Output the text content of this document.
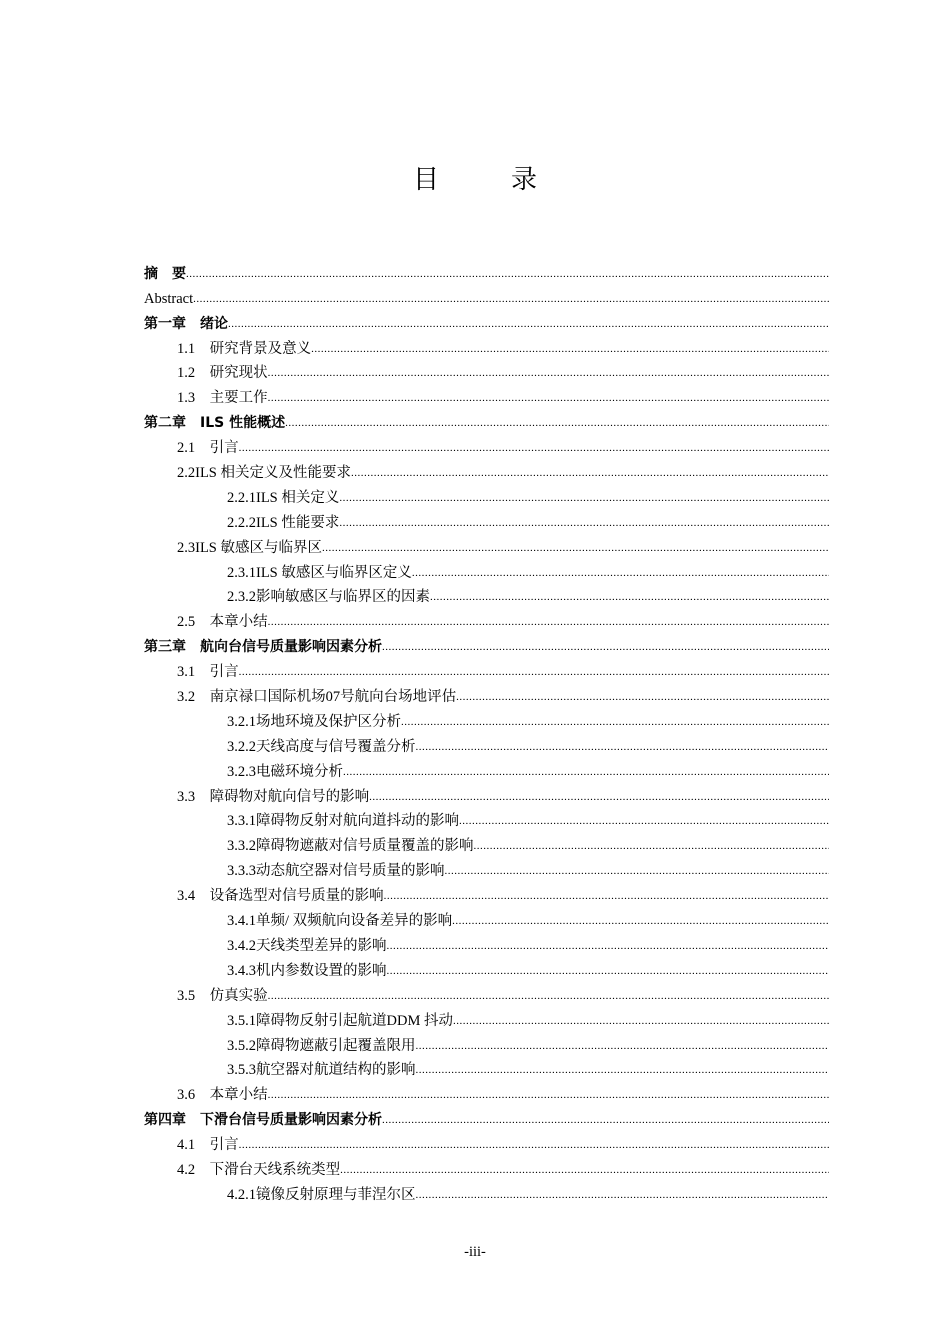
目录
摘　要
.....
Abstract
.....
第一章　绪论
.....
1.1　研究背景及意义
.....
1.2　研究现状
.....
1.3　主要工作
.....
第二章　ILS 性能概述
.....
2.1　引言
.....
2.2ILS 相关定义及性能要求
.....
2.2.1ILS 相关定义
.....
2.2.2ILS 性能要求
.....
2.3ILS 敏感区与临界区
.....
2.3.1ILS 敏感区与临界区定义
.....
2.3.2影响敏感区与临界区的因素
.....
2.5　本章小结
.....
第三章　航向台信号质量影响因素分析
.....
3.1　引言
.....
3.2　南京禄口国际机场07号航向台场地评估
.....
3.2.1场地环境及保护区分析
.....
3.2.2天线高度与信号覆盖分析
.....
3.2.3电磁环境分析
.....
3.3　障碍物对航向信号的影响
.....
3.3.1障碍物反射对航向道抖动的影响
.....
3.3.2障碍物遮蔽对信号质量覆盖的影响
.....
3.3.3动态航空器对信号质量的影响
.....
3.4　设备选型对信号质量的影响
.....
3.4.1单频/ 双频航向设备差异的影响
.....
3.4.2天线类型差异的影响
.....
3.4.3机内参数设置的影响
.....
3.5　仿真实验
.....
3.5.1障碍物反射引起航道DDM 抖动
.....
3.5.2障碍物遮蔽引起覆盖限用
.....
3.5.3航空器对航道结构的影响
.....
3.6　本章小结
.....
第四章　下滑台信号质量影响因素分析
.....
4.1　引言
.....
4.2　下滑台天线系统类型
.....
4.2.1镜像反射原理与菲涅尔区
.....
-iii-
